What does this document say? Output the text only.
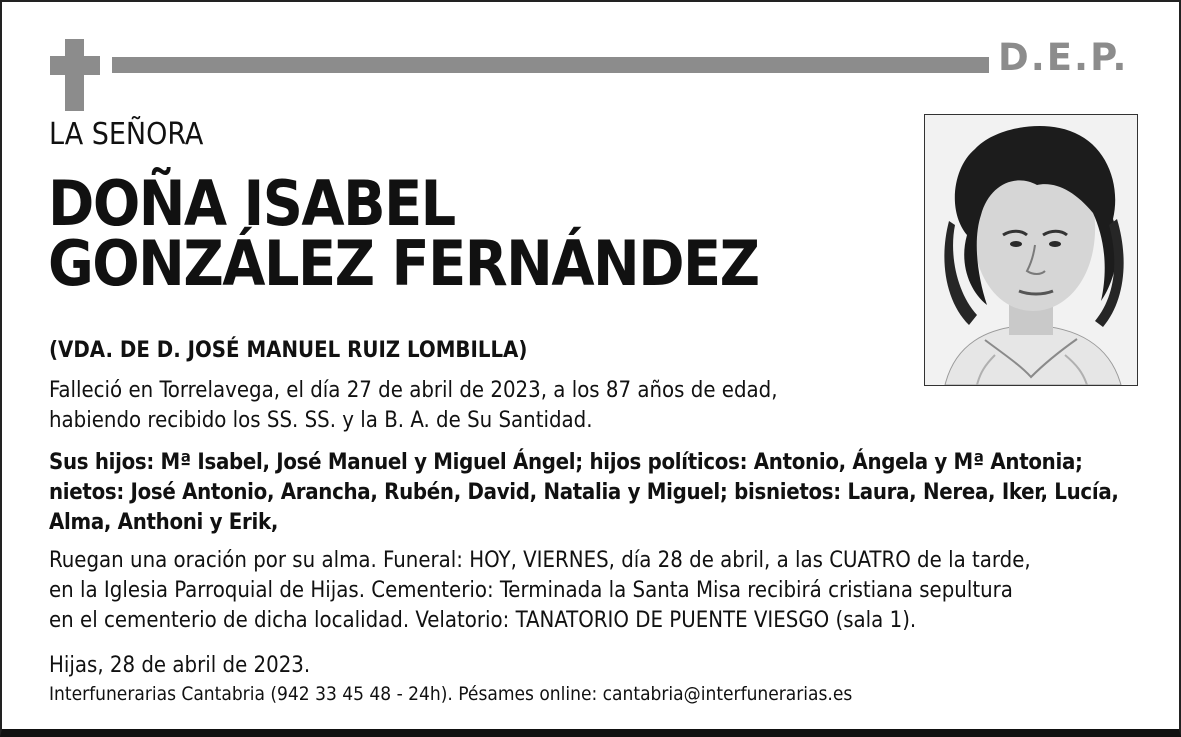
D.E.P.
LA SEÑORA
DOÑA ISABEL
GONZÁLEZ FERNÁNDEZ
(VDA. DE D. JOSÉ MANUEL RUIZ LOMBILLA)
Falleció en Torrelavega, el día 27 de abril de 2023, a los 87 años de edad,
habiendo recibido los SS. SS. y la B. A. de Su Santidad.
Sus hijos: Mª Isabel, José Manuel y Miguel Ángel; hijos políticos: Antonio, Ángela y Mª Antonia;
nietos: José Antonio, Arancha, Rubén, David, Natalia y Miguel; bisnietos: Laura, Nerea, Iker, Lucía,
Alma, Anthoni y Erik,
Ruegan una oración por su alma. Funeral: HOY, VIERNES, día 28 de abril, a las CUATRO de la tarde,
en la Iglesia Parroquial de Hijas. Cementerio: Terminada la Santa Misa recibirá cristiana sepultura
en el cementerio de dicha localidad. Velatorio: TANATORIO DE PUENTE VIESGO (sala 1).
Hijas, 28 de abril de 2023.
Interfunerarias Cantabria (942 33 45 48 - 24h). Pésames online: cantabria@interfunerarias.es
